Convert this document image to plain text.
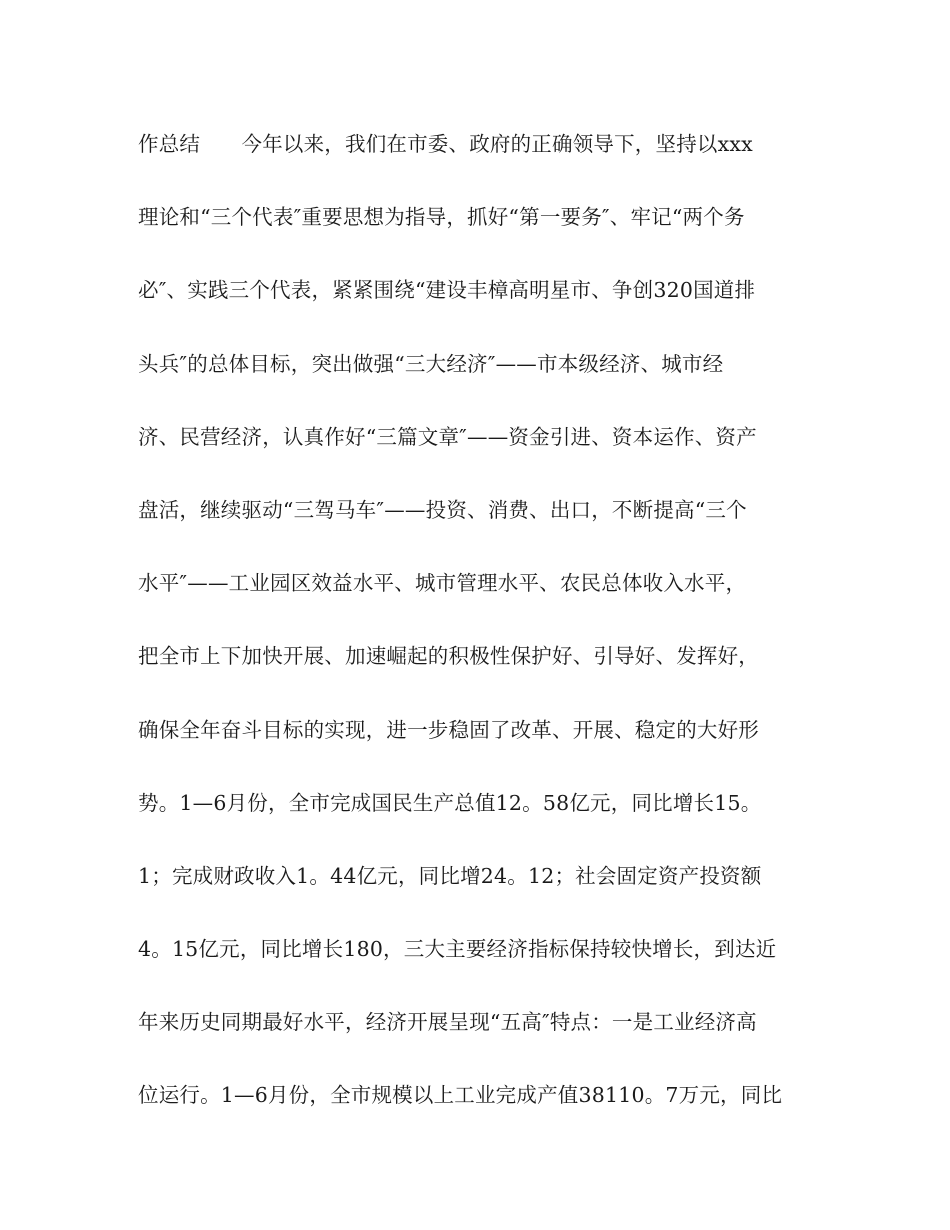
作总结　　今年以来，我们在市委、政府的正确领导下，坚持以xxx
理论和“三个代表″重要思想为指导，抓好“第一要务″、牢记“两个务
必″、实践三个代表，紧紧围绕“建设丰樟高明星市、争创320国道排
头兵″的总体目标，突出做强“三大经济″——市本级经济、城市经
济、民营经济，认真作好“三篇文章″——资金引进、资本运作、资产
盘活，继续驱动“三驾马车″——投资、消费、出口，不断提高“三个
水平″——工业园区效益水平、城市管理水平、农民总体收入水平，
把全市上下加快开展、加速崛起的积极性保护好、引导好、发挥好，
确保全年奋斗目标的实现，进一步稳固了改革、开展、稳定的大好形
势。1—6月份，全市完成国民生产总值12。58亿元，同比增长15。
1；完成财政收入1。44亿元，同比增24。12；社会固定资产投资额
4。15亿元，同比增长180，三大主要经济指标保持较快增长，到达近
年来历史同期最好水平，经济开展呈现“五高″特点：一是工业经济高
位运行。1—6月份，全市规模以上工业完成产值38110。7万元，同比
